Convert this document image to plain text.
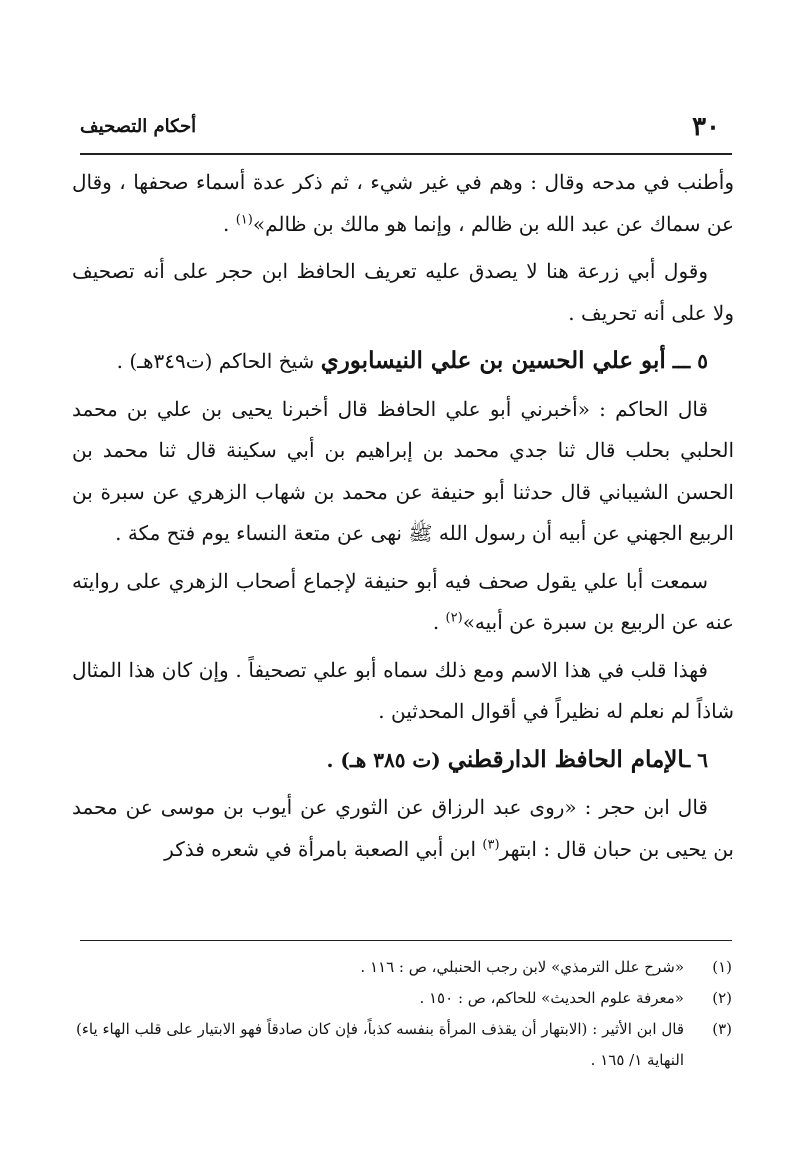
٣٠
أحكام التصحيف

وأطنب في مدحه وقال : وهم في غير شيء ، ثم ذكر عدة أسماء صحفها ، وقال عن سماك عن عبد الله بن ظالم ، وإنما هو مالك بن ظالم»$^{(١)}$ .

وقول أبي زرعة هنا لا يصدق عليه تعريف الحافظ ابن حجر على أنه تصحيف ولا على أنه تحريف .

٥ ـــ أبو علي الحسين بن علي النيسابوري شيخ الحاكم (ت٣٤٩هـ) .

قال الحاكم : «أخبرني أبو علي الحافظ قال أخبرنا يحيى بن علي بن محمد الحلبي بحلب قال ثنا جدي محمد بن إبراهيم بن أبي سكينة قال ثنا محمد بن الحسن الشيباني قال حدثنا أبو حنيفة عن محمد بن شهاب الزهري عن سبرة بن الربيع الجهني عن أبيه أن رسول الله ﷺ نهى عن متعة النساء يوم فتح مكة .

سمعت أبا علي يقول صحف فيه أبو حنيفة لإجماع أصحاب الزهري على روايته عنه عن الربيع بن سبرة عن أبيه»$^{(٢)}$ .

فهذا قلب في هذا الاسم ومع ذلك سماه أبو علي تصحيفاً . وإن كان هذا المثال شاذاً لم نعلم له نظيراً في أقوال المحدثين .

٦ ـالإمام الحافظ الدارقطني (ت ٣٨٥ هـ) .

قال ابن حجر : «روى عبد الرزاق عن الثوري عن أيوب بن موسى عن محمد بن يحيى بن حبان قال : ابتهر$^{(٣)}$ ابن أبي الصعبة بامرأة في شعره فذكر

(١)
«شرح علل الترمذي» لابن رجب الحنبلي، ص : ١١٦ .
(٢)
«معرفة علوم الحديث» للحاكم، ص : ١٥٠ .
(٣)
قال ابن الأثير : (الابتهار أن يقذف المرأة بنفسه كذباً، فإن كان صادقاً فهو الابتيار على قلب الهاء ياء) النهاية ١/ ١٦٥ .
